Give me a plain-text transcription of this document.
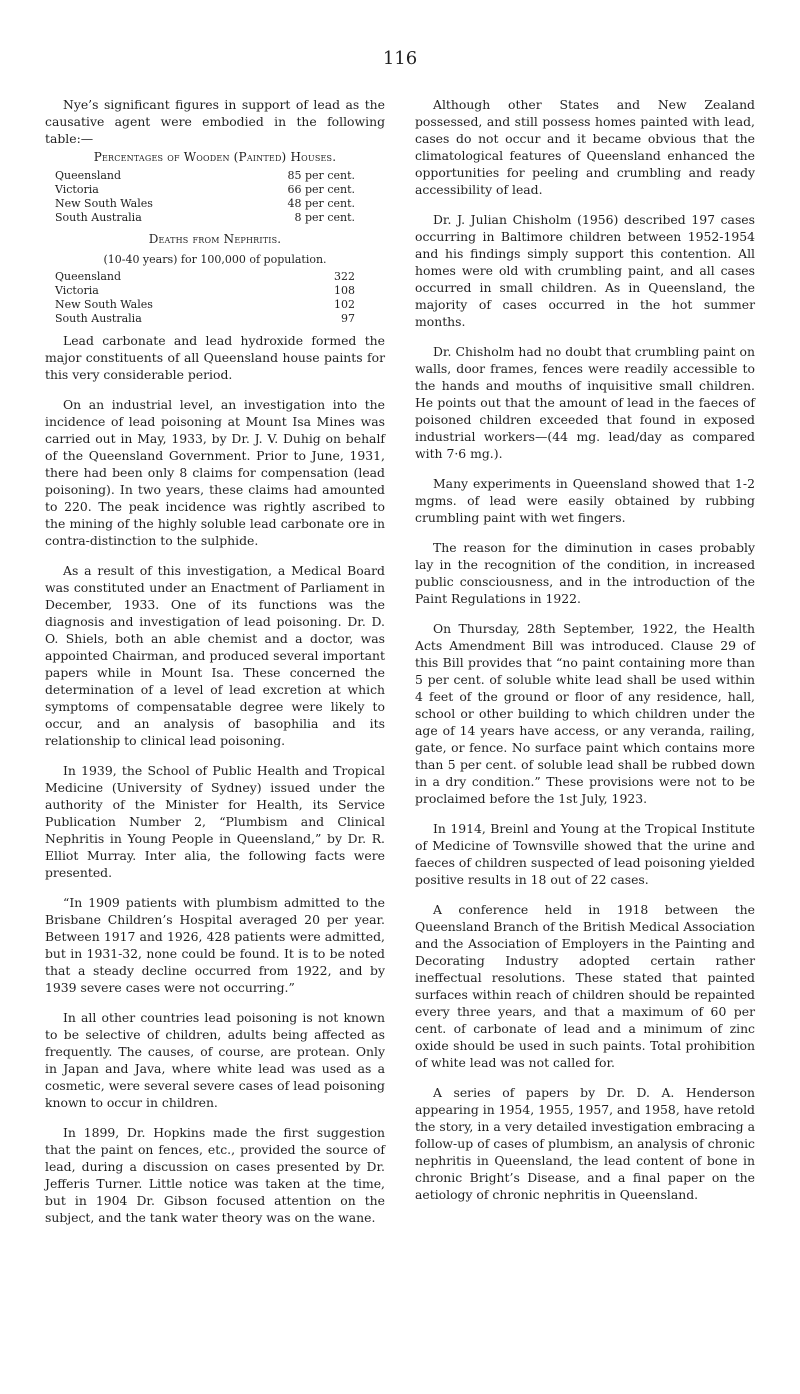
116

Nye’s significant figures in support of lead as the causative agent were embodied in the following table:—

Percentages of Wooden (Painted) Houses.
Queensland	85 per cent.
Victoria	66 per cent.
New South Wales	48 per cent.
South Australia	8 per cent.
Deaths from Nephritis.
(10-40 years) for 100,000 of population.
Queensland	322
Victoria	108
New South Wales	102
South Australia	97

Lead carbonate and lead hydroxide formed the major constituents of all Queensland house paints for this very considerable period.

On an industrial level, an investigation into the incidence of lead poisoning at Mount Isa Mines was carried out in May, 1933, by Dr. J. V. Duhig on behalf of the Queensland Government. Prior to June, 1931, there had been only 8 claims for compensation (lead poisoning). In two years, these claims had amounted to 220. The peak incidence was rightly ascribed to the mining of the highly soluble lead carbonate ore in contra-distinction to the sulphide.

As a result of this investigation, a Medical Board was constituted under an Enactment of Parliament in December, 1933. One of its functions was the diagnosis and investigation of lead poisoning. Dr. D. O. Shiels, both an able chemist and a doctor, was appointed Chairman, and produced several important papers while in Mount Isa. These concerned the determination of a level of lead excretion at which symptoms of compensatable degree were likely to occur, and an analysis of basophilia and its relationship to clinical lead poisoning.

In 1939, the School of Public Health and Tropical Medicine (University of Sydney) issued under the authority of the Minister for Health, its Service Publication Number 2, “Plumbism and Clinical Nephritis in Young People in Queensland,” by Dr. R. Elliot Murray. Inter alia, the following facts were presented.

“In 1909 patients with plumbism admitted to the Brisbane Children’s Hospital averaged 20 per year. Between 1917 and 1926, 428 patients were admitted, but in 1931-32, none could be found. It is to be noted that a steady decline occurred from 1922, and by 1939 severe cases were not occurring.”

In all other countries lead poisoning is not known to be selective of children, adults being affected as frequently. The causes, of course, are protean. Only in Japan and Java, where white lead was used as a cosmetic, were several severe cases of lead poisoning known to occur in children.

In 1899, Dr. Hopkins made the first suggestion that the paint on fences, etc., provided the source of lead, during a discussion on cases presented by Dr. Jefferis Turner. Little notice was taken at the time, but in 1904 Dr. Gibson focused attention on the subject, and the tank water theory was on the wane.

Although other States and New Zealand possessed, and still possess homes painted with lead, cases do not occur and it became obvious that the climatological features of Queensland enhanced the opportunities for peeling and crumbling and ready accessibility of lead.

Dr. J. Julian Chisholm (1956) described 197 cases occurring in Baltimore children between 1952-1954 and his findings simply support this contention. All homes were old with crumbling paint, and all cases occurred in small children. As in Queensland, the majority of cases occurred in the hot summer months.

Dr. Chisholm had no doubt that crumbling paint on walls, door frames, fences were readily accessible to the hands and mouths of inquisitive small children. He points out that the amount of lead in the faeces of poisoned children exceeded that found in exposed industrial workers—(44 mg. lead/day as compared with 7·6 mg.).

Many experiments in Queensland showed that 1-2 mgms. of lead were easily obtained by rubbing crumbling paint with wet fingers.

The reason for the diminution in cases probably lay in the recognition of the condition, in increased public consciousness, and in the introduction of the Paint Regulations in 1922.

On Thursday, 28th September, 1922, the Health Acts Amendment Bill was introduced. Clause 29 of this Bill provides that “no paint containing more than 5 per cent. of soluble white lead shall be used within 4 feet of the ground or floor of any residence, hall, school or other building to which children under the age of 14 years have access, or any veranda, railing, gate, or fence. No surface paint which contains more than 5 per cent. of soluble lead shall be rubbed down in a dry condition.” These provisions were not to be proclaimed before the 1st July, 1923.

In 1914, Breinl and Young at the Tropical Institute of Medicine of Townsville showed that the urine and faeces of children suspected of lead poisoning yielded positive results in 18 out of 22 cases.

A conference held in 1918 between the Queensland Branch of the British Medical Association and the Association of Employers in the Painting and Decorating Industry adopted certain rather ineffectual resolutions. These stated that painted surfaces within reach of children should be repainted every three years, and that a maximum of 60 per cent. of carbonate of lead and a minimum of zinc oxide should be used in such paints. Total prohibition of white lead was not called for.

A series of papers by Dr. D. A. Henderson appearing in 1954, 1955, 1957, and 1958, have retold the story, in a very detailed investigation embracing a follow-up of cases of plumbism, an analysis of chronic nephritis in Queensland, the lead content of bone in chronic Bright’s Disease, and a final paper on the aetiology of chronic nephritis in Queensland.
